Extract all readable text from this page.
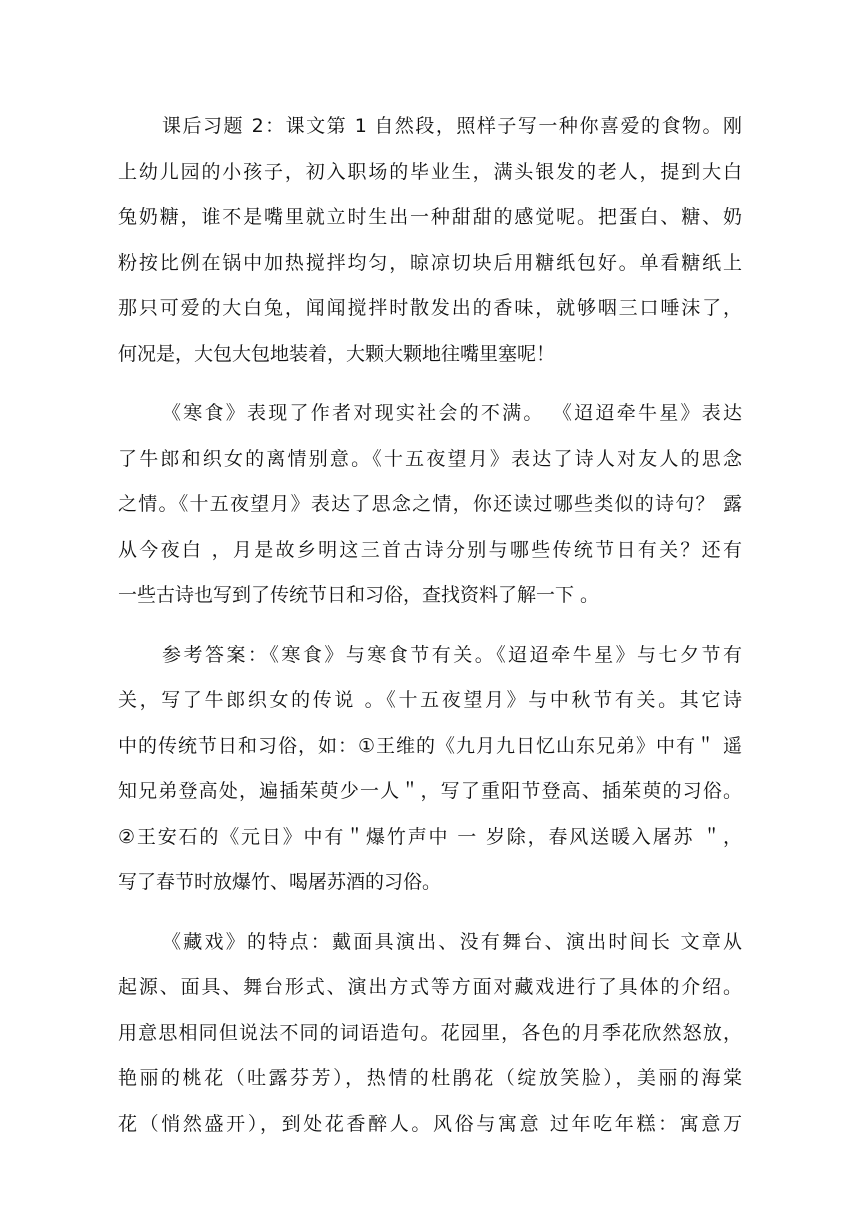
课后习题 2：课文第 1 自然段，照样子写一种你喜爱的食物。刚
上幼儿园的小孩子，初入职场的毕业生，满头银发的老人，提到大白
兔奶糖，谁不是嘴里就立时生出一种甜甜的感觉呢。把蛋白、糖、奶
粉按比例在锅中加热搅拌均匀，晾凉切块后用糖纸包好。单看糖纸上
那只可爱的大白兔，闻闻搅拌时散发出的香味，就够咽三口唾沫了，
何况是，大包大包地装着，大颗大颗地往嘴里塞呢！
《寒食》表现了作者对现实社会的不满。 《迢迢牵牛星》表达
了牛郎和织女的离情别意。《十五夜望月》表达了诗人对友人的思念
之情。《十五夜望月》表达了思念之情，你还读过哪些类似的诗句？ 露
从今夜白 ，月是故乡明这三首古诗分别与哪些传统节日有关？还有
一些古诗也写到了传统节日和习俗，查找资料了解一下 。
参考答案：《寒食》与寒食节有关。《迢迢牵牛星》与七夕节有
关，写了牛郎织女的传说 。《十五夜望月》与中秋节有关。其它诗
中的传统节日和习俗，如：①王维的《九月九日忆山东兄弟》中有＂ 遥
知兄弟登高处，遍插茱萸少一人＂，写了重阳节登高、插茱萸的习俗。
②王安石的《元日》中有＂爆竹声中 一 岁除，春风送暖入屠苏 ＂，
写了春节时放爆竹、喝屠苏酒的习俗。
《藏戏》的特点：戴面具演出、没有舞台、演出时间长 文章从
起源、面具、舞台形式、演出方式等方面对藏戏进行了具体的介绍。
用意思相同但说法不同的词语造句。花园里，各色的月季花欣然怒放，
艳丽的桃花（吐露芬芳），热情的杜鹃花（绽放笑脸），美丽的海棠
花（悄然盛开），到处花香醉人。风俗与寓意 过年吃年糕：寓意万
